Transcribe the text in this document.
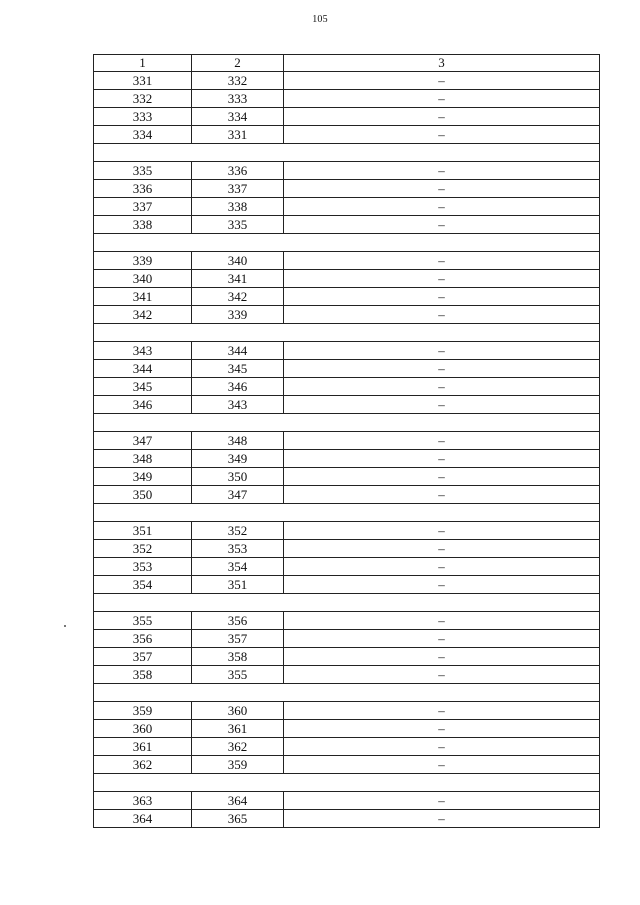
105
1	2	3
331	332	–
332	333	–
333	334	–
334	331	–

335	336	–
336	337	–
337	338	–
338	335	–

339	340	–
340	341	–
341	342	–
342	339	–

343	344	–
344	345	–
345	346	–
346	343	–

347	348	–
348	349	–
349	350	–
350	347	–

351	352	–
352	353	–
353	354	–
354	351	–

355	356	–
356	357	–
357	358	–
358	355	–

359	360	–
360	361	–
361	362	–
362	359	–

363	364	–
364	365	–
